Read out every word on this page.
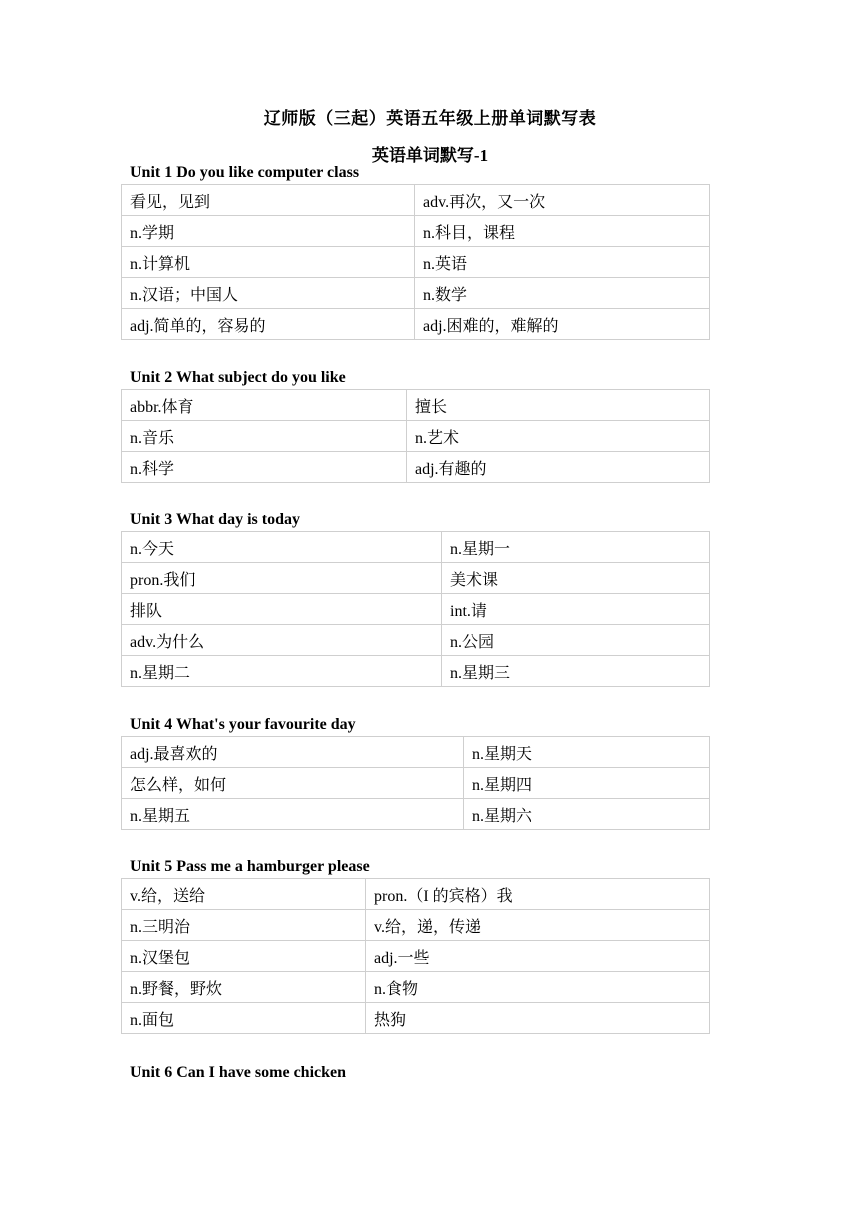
辽师版（三起）英语五年级上册单词默写表
英语单词默写-1
Unit 1 Do you like computer class
看见，见到	adv.再次，又一次
n.学期	n.科目，课程
n.计算机	n.英语
n.汉语；中国人	n.数学
adj.简单的，容易的	adj.困难的，难解的
Unit 2 What subject do you like
abbr.体育	擅长
n.音乐	n.艺术
n.科学	adj.有趣的
Unit 3 What day is today
n.今天	n.星期一
pron.我们	美术课
排队	int.请
adv.为什么	n.公园
n.星期二	n.星期三
Unit 4 What's your favourite day
adj.最喜欢的	n.星期天
怎么样，如何	n.星期四
n.星期五	n.星期六
Unit 5 Pass me a hamburger please
v.给，送给	pron.（I 的宾格）我
n.三明治	v.给，递，传递
n.汉堡包	adj.一些
n.野餐，野炊	n.食物
n.面包	热狗
Unit 6 Can I have some chicken
